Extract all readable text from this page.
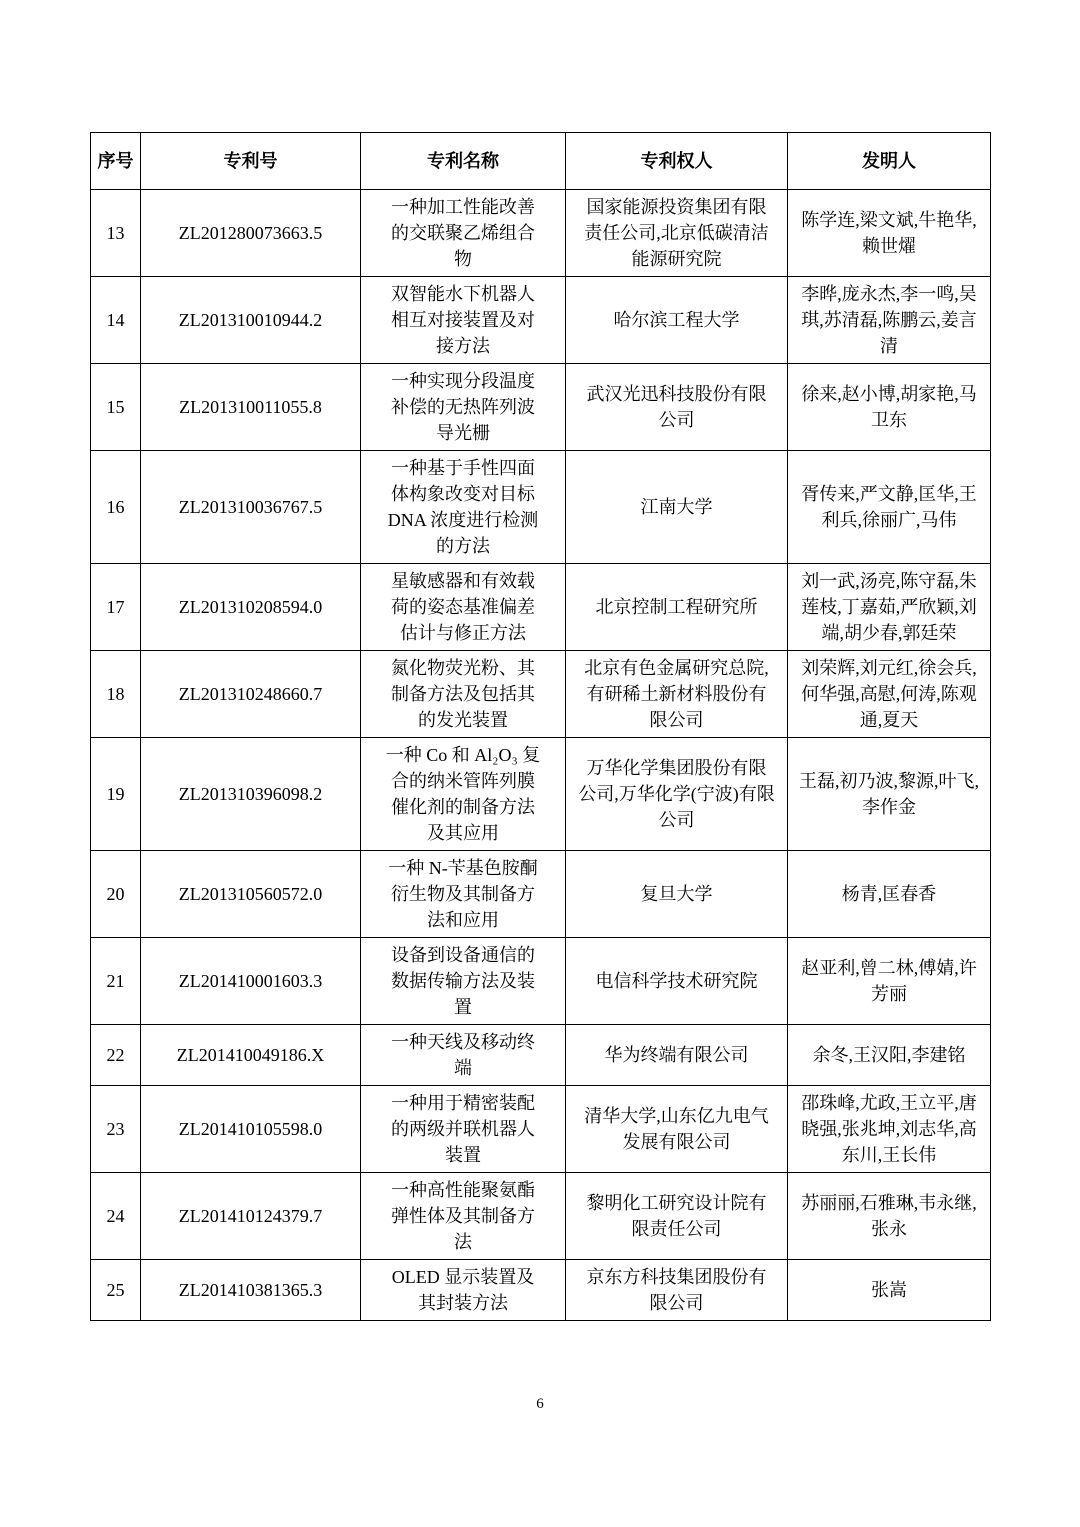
序号	专利号	专利名称	专利权人	发明人
13	ZL201280073663.5	一种加工性能改善的交联聚乙烯组合物	国家能源投资集团有限责任公司,北京低碳清洁能源研究院	陈学连,梁文斌,牛艳华,赖世燿
14	ZL201310010944.2	双智能水下机器人相互对接装置及对接方法	哈尔滨工程大学	李晔,庞永杰,李一鸣,吴琪,苏清磊,陈鹏云,姜言清
15	ZL201310011055.8	一种实现分段温度补偿的无热阵列波导光栅	武汉光迅科技股份有限公司	徐来,赵小博,胡家艳,马卫东
16	ZL201310036767.5	一种基于手性四面体构象改变对目标 DNA 浓度进行检测的方法	江南大学	胥传来,严文静,匡华,王利兵,徐丽广,马伟
17	ZL201310208594.0	星敏感器和有效载荷的姿态基准偏差估计与修正方法	北京控制工程研究所	刘一武,汤亮,陈守磊,朱莲枝,丁嘉茹,严欣颖,刘端,胡少春,郭廷荣
18	ZL201310248660.7	氮化物荧光粉、其制备方法及包括其的发光装置	北京有色金属研究总院,有研稀土新材料股份有限公司	刘荣辉,刘元红,徐会兵,何华强,高慰,何涛,陈观通,夏天
19	ZL201310396098.2	一种 Co 和 Al₂O₃ 复合的纳米管阵列膜催化剂的制备方法及其应用	万华化学集团股份有限公司,万华化学(宁波)有限公司	王磊,初乃波,黎源,叶飞,李作金
20	ZL201310560572.0	一种 N-苄基色胺酮衍生物及其制备方法和应用	复旦大学	杨青,匡春香
21	ZL201410001603.3	设备到设备通信的数据传输方法及装置	电信科学技术研究院	赵亚利,曾二林,傅婧,许芳丽
22	ZL201410049186.X	一种天线及移动终端	华为终端有限公司	余冬,王汉阳,李建铭
23	ZL201410105598.0	一种用于精密装配的两级并联机器人装置	清华大学,山东亿九电气发展有限公司	邵珠峰,尤政,王立平,唐晓强,张兆坤,刘志华,高东川,王长伟
24	ZL201410124379.7	一种高性能聚氨酯弹性体及其制备方法	黎明化工研究设计院有限责任公司	苏丽丽,石雅琳,韦永继,张永
25	ZL201410381365.3	OLED 显示装置及其封装方法	京东方科技集团股份有限公司	张嵩
6
